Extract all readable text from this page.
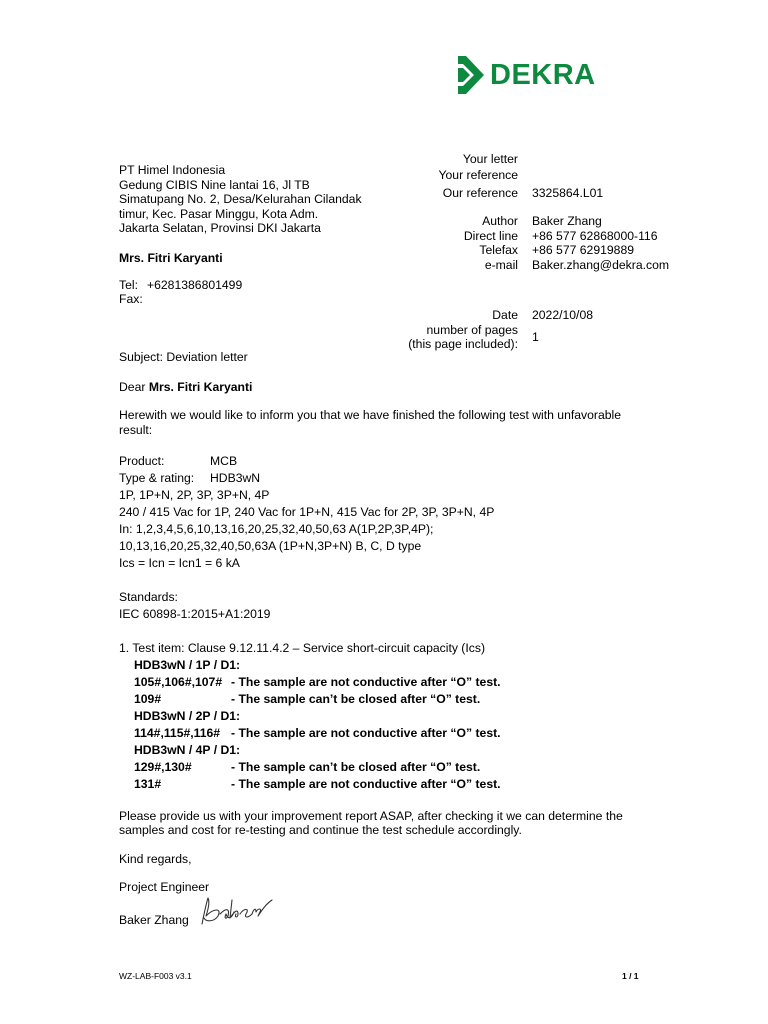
DEKRA
PT Himel Indonesia
Gedung CIBIS Nine lantai 16, Jl TB
Simatupang No. 2, Desa/Kelurahan Cilandak
timur, Kec. Pasar Minggu, Kota Adm.
Jakarta Selatan, Provinsi DKI Jakarta
Mrs. Fitri Karyanti
Tel: +6281386801499
Fax:
Your letter
Your reference
Our reference 3325864.L01
Author Baker Zhang
Direct line +86 577 62868000-116
Telefax +86 577 62919889
e-mail Baker.zhang@dekra.com
Date 2022/10/08
number of pages
(this page included): 1
Subject: Deviation letter
Dear Mrs. Fitri Karyanti
Herewith we would like to inform you that we have finished the following test with unfavorable
result:
Product:	MCB
Type & rating: HDB3wN
1P, 1P+N, 2P, 3P, 3P+N, 4P
240 / 415 Vac for 1P, 240 Vac for 1P+N, 415 Vac for 2P, 3P, 3P+N, 4P
In: 1,2,3,4,5,6,10,13,16,20,25,32,40,50,63 A(1P,2P,3P,4P);
10,13,16,20,25,32,40,50,63A (1P+N,3P+N) B, C, D type
Ics = Icn = Icn1 = 6 kA
Standards:
IEC 60898-1:2015+A1:2019
1. Test item: Clause 9.12.11.4.2 – Service short-circuit capacity (Ics)
HDB3wN / 1P / D1:
105#,106#,107# - The sample are not conductive after “O” test.
109#	- The sample can’t be closed after “O” test.
HDB3wN / 2P / D1:
114#,115#,116# - The sample are not conductive after “O” test.
HDB3wN / 4P / D1:
129#,130#	- The sample can’t be closed after “O” test.
131#	- The sample are not conductive after “O” test.
Please provide us with your improvement report ASAP, after checking it we can determine the
samples and cost for re-testing and continue the test schedule accordingly.
Kind regards,
Project Engineer
Baker Zhang
WZ-LAB-F003 v3.1	1 / 1
